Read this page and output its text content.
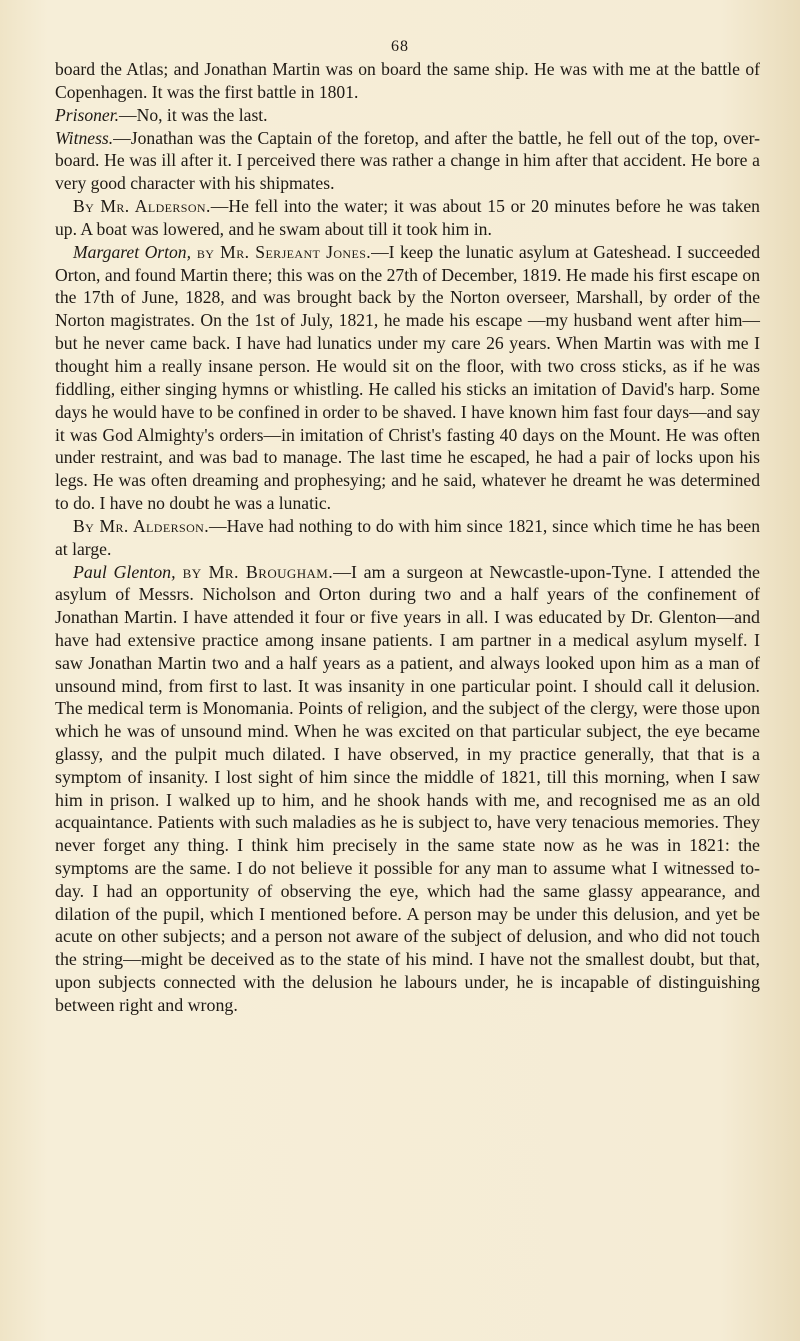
68

board the Atlas; and Jonathan Martin was on board the same ship. He was with me at the battle of Copenhagen. It was the first battle in 1801.

Prisoner.—No, it was the last.

Witness.—Jonathan was the Captain of the foretop, and after the battle, he fell out of the top, over-board. He was ill after it. I perceived there was rather a change in him after that accident. He bore a very good character with his shipmates.

By Mr. Alderson.—He fell into the water; it was about 15 or 20 minutes before he was taken up. A boat was lowered, and he swam about till it took him in.

Margaret Orton, by Mr. Serjeant Jones.—I keep the lunatic asylum at Gateshead. I succeeded Orton, and found Martin there; this was on the 27th of December, 1819. He made his first escape on the 17th of June, 1828, and was brought back by the Norton overseer, Marshall, by order of the Norton magistrates. On the 1st of July, 1821, he made his escape —my husband went after him—but he never came back. I have had lunatics under my care 26 years. When Martin was with me I thought him a really insane person. He would sit on the floor, with two cross sticks, as if he was fiddling, either singing hymns or whistling. He called his sticks an imitation of David's harp. Some days he would have to be confined in order to be shaved. I have known him fast four days—and say it was God Almighty's orders—in imitation of Christ's fasting 40 days on the Mount. He was often under restraint, and was bad to manage. The last time he escaped, he had a pair of locks upon his legs. He was often dreaming and prophesying; and he said, whatever he dreamt he was determined to do. I have no doubt he was a lunatic.

By Mr. Alderson.—Have had nothing to do with him since 1821, since which time he has been at large.

Paul Glenton, by Mr. Brougham.—I am a surgeon at Newcastle-upon-Tyne. I attended the asylum of Messrs. Nicholson and Orton during two and a half years of the confinement of Jonathan Martin. I have attended it four or five years in all. I was educated by Dr. Glenton—and have had extensive practice among insane patients. I am partner in a medical asylum myself. I saw Jonathan Martin two and a half years as a patient, and always looked upon him as a man of unsound mind, from first to last. It was insanity in one particular point. I should call it delusion. The medical term is Monomania. Points of religion, and the subject of the clergy, were those upon which he was of unsound mind. When he was excited on that particular subject, the eye became glassy, and the pulpit much dilated. I have observed, in my practice generally, that that is a symptom of insanity. I lost sight of him since the middle of 1821, till this morning, when I saw him in prison. I walked up to him, and he shook hands with me, and recognised me as an old acquaintance. Patients with such maladies as he is subject to, have very tenacious memories. They never forget any thing. I think him precisely in the same state now as he was in 1821: the symptoms are the same. I do not believe it possible for any man to assume what I witnessed to-day. I had an opportunity of observing the eye, which had the same glassy appearance, and dilation of the pupil, which I mentioned before. A person may be under this delusion, and yet be acute on other subjects; and a person not aware of the subject of delusion, and who did not touch the string—might be deceived as to the state of his mind. I have not the smallest doubt, but that, upon subjects connected with the delusion he labours under, he is incapable of distinguishing between right and wrong.
